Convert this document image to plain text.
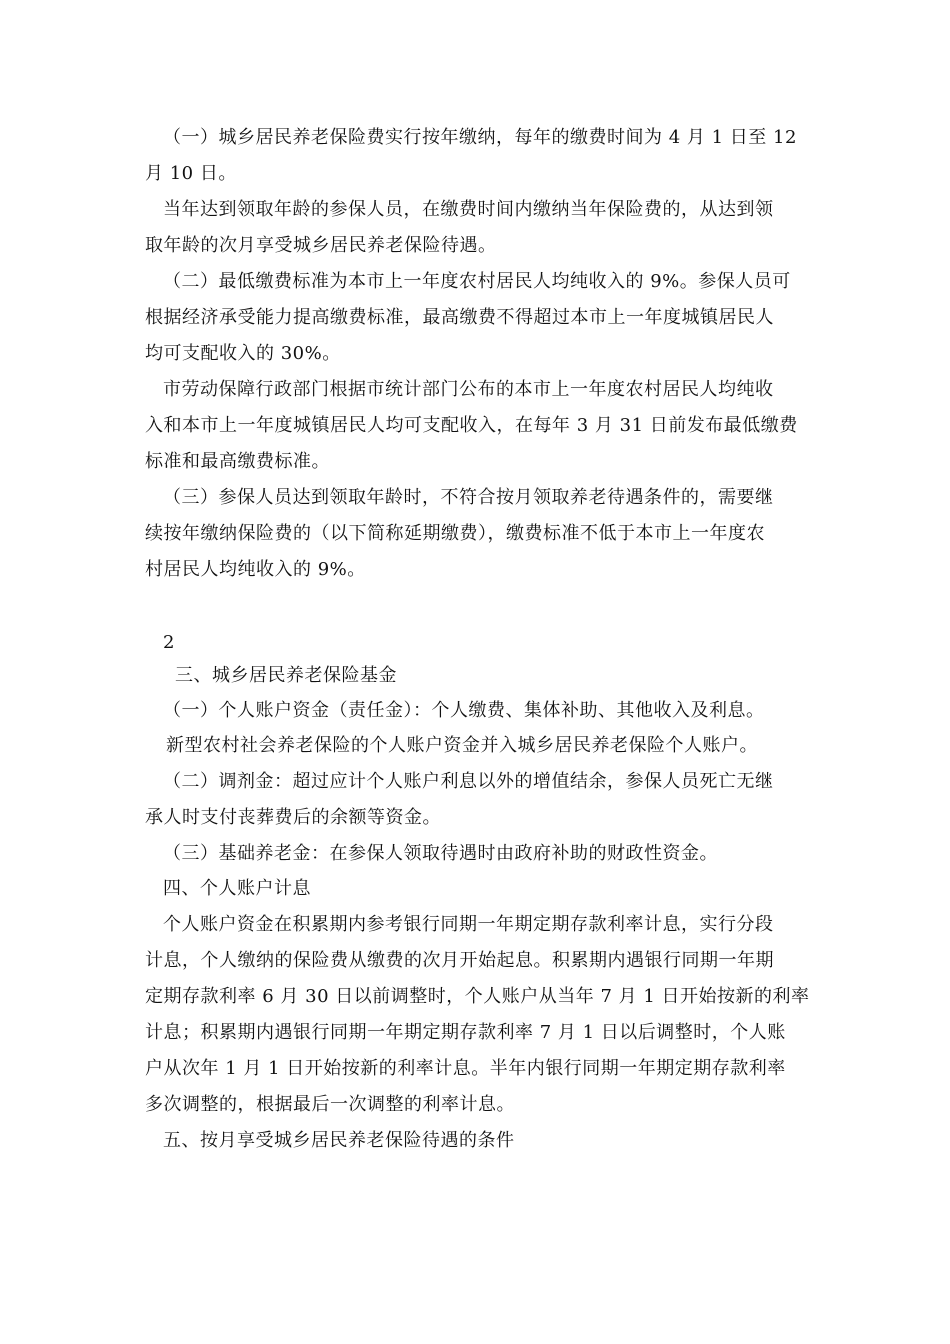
（一）城乡居民养老保险费实行按年缴纳，每年的缴费时间为 4 月 1 日至 12
月 10 日。
当年达到领取年龄的参保人员，在缴费时间内缴纳当年保险费的，从达到领
取年龄的次月享受城乡居民养老保险待遇。
（二）最低缴费标准为本市上一年度农村居民人均纯收入的 9%。参保人员可
根据经济承受能力提高缴费标准，最高缴费不得超过本市上一年度城镇居民人
均可支配收入的 30%。
市劳动保障行政部门根据市统计部门公布的本市上一年度农村居民人均纯收
入和本市上一年度城镇居民人均可支配收入，在每年 3 月 31 日前发布最低缴费
标准和最高缴费标准。
（三）参保人员达到领取年龄时，不符合按月领取养老待遇条件的，需要继
续按年缴纳保险费的（以下简称延期缴费），缴费标准不低于本市上一年度农
村居民人均纯收入的 9%。
2
三、城乡居民养老保险基金
（一）个人账户资金（责任金）：个人缴费、集体补助、其他收入及利息。
新型农村社会养老保险的个人账户资金并入城乡居民养老保险个人账户。
（二）调剂金：超过应计个人账户利息以外的增值结余，参保人员死亡无继
承人时支付丧葬费后的余额等资金。
（三）基础养老金：在参保人领取待遇时由政府补助的财政性资金。
四、个人账户计息
个人账户资金在积累期内参考银行同期一年期定期存款利率计息，实行分段
计息，个人缴纳的保险费从缴费的次月开始起息。积累期内遇银行同期一年期
定期存款利率 6 月 30 日以前调整时，个人账户从当年 7 月 1 日开始按新的利率
计息；积累期内遇银行同期一年期定期存款利率 7 月 1 日以后调整时，个人账
户从次年 1 月 1 日开始按新的利率计息。半年内银行同期一年期定期存款利率
多次调整的，根据最后一次调整的利率计息。
五、按月享受城乡居民养老保险待遇的条件
